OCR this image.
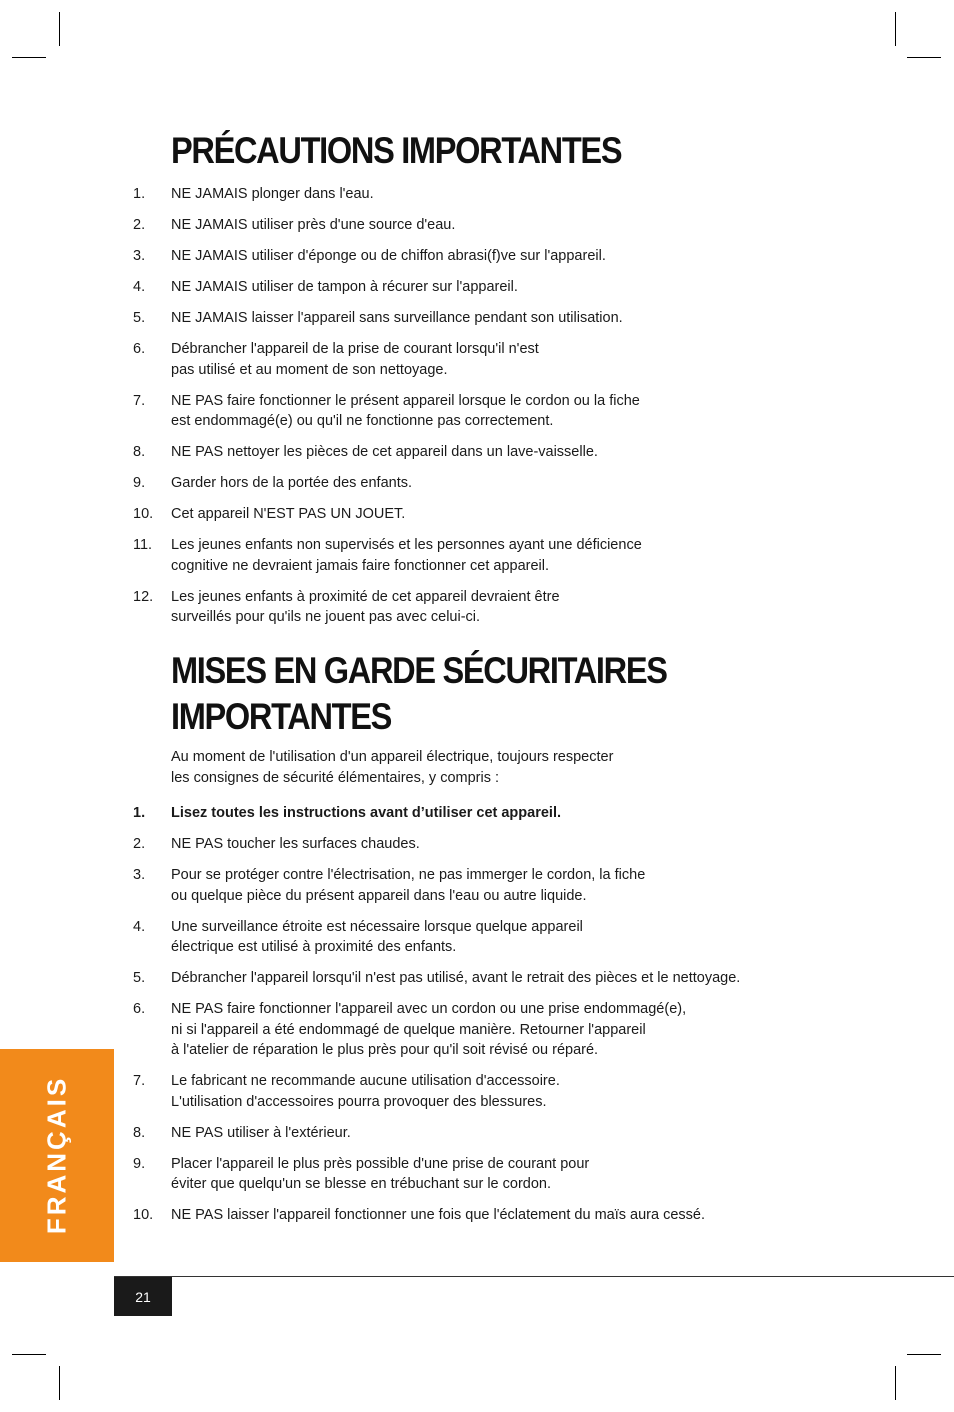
PRÉCAUTIONS IMPORTANTES
1.	NE JAMAIS plonger dans l'eau.
2.	NE JAMAIS utiliser près d'une source d'eau.
3.	NE JAMAIS utiliser d'éponge ou de chiffon abrasi(f)ve sur l'appareil.
4.	NE JAMAIS utiliser de tampon à récurer sur l'appareil.
5.	NE JAMAIS laisser l'appareil sans surveillance pendant son utilisation.
6.	Débrancher l'appareil de la prise de courant lorsqu'il n'est
pas utilisé et au moment de son nettoyage.
7.	NE PAS faire fonctionner le présent appareil lorsque le cordon ou la fiche
est endommagé(e) ou qu'il ne fonctionne pas correctement.
8.	NE PAS nettoyer les pièces de cet appareil dans un lave-vaisselle.
9.	Garder hors de la portée des enfants.
10.	Cet appareil N'EST PAS UN JOUET.
11.	Les jeunes enfants non supervisés et les personnes ayant une déficience
cognitive ne devraient jamais faire fonctionner cet appareil.
12.	Les jeunes enfants à proximité de cet appareil devraient être
surveillés pour qu'ils ne jouent pas avec celui-ci.
MISES EN GARDE SÉCURITAIRES
IMPORTANTES

Au moment de l'utilisation d'un appareil électrique, toujours respecter
les consignes de sécurité élémentaires, y compris :

1.	Lisez toutes les instructions avant d’utiliser cet appareil.
2.	NE PAS toucher les surfaces chaudes.
3.	Pour se protéger contre l'électrisation, ne pas immerger le cordon, la fiche
ou quelque pièce du présent appareil dans l'eau ou autre liquide.
4.	Une surveillance étroite est nécessaire lorsque quelque appareil
électrique est utilisé à proximité des enfants.
5.	Débrancher l'appareil lorsqu'il n'est pas utilisé, avant le retrait des pièces et le nettoyage.
6.	NE PAS faire fonctionner l'appareil avec un cordon ou une prise endommagé(e),
ni si l'appareil a été endommagé de quelque manière. Retourner l'appareil
à l'atelier de réparation le plus près pour qu'il soit révisé ou réparé.
7.	Le fabricant ne recommande aucune utilisation d'accessoire.
L'utilisation d'accessoires pourra provoquer des blessures.
8.	NE PAS utiliser à l'extérieur.
9.	Placer l'appareil le plus près possible d'une prise de courant pour
éviter que quelqu'un se blesse en trébuchant sur le cordon.
10.	NE PAS laisser l'appareil fonctionner une fois que l'éclatement du maïs aura cessé.
FRANÇAIS
21
